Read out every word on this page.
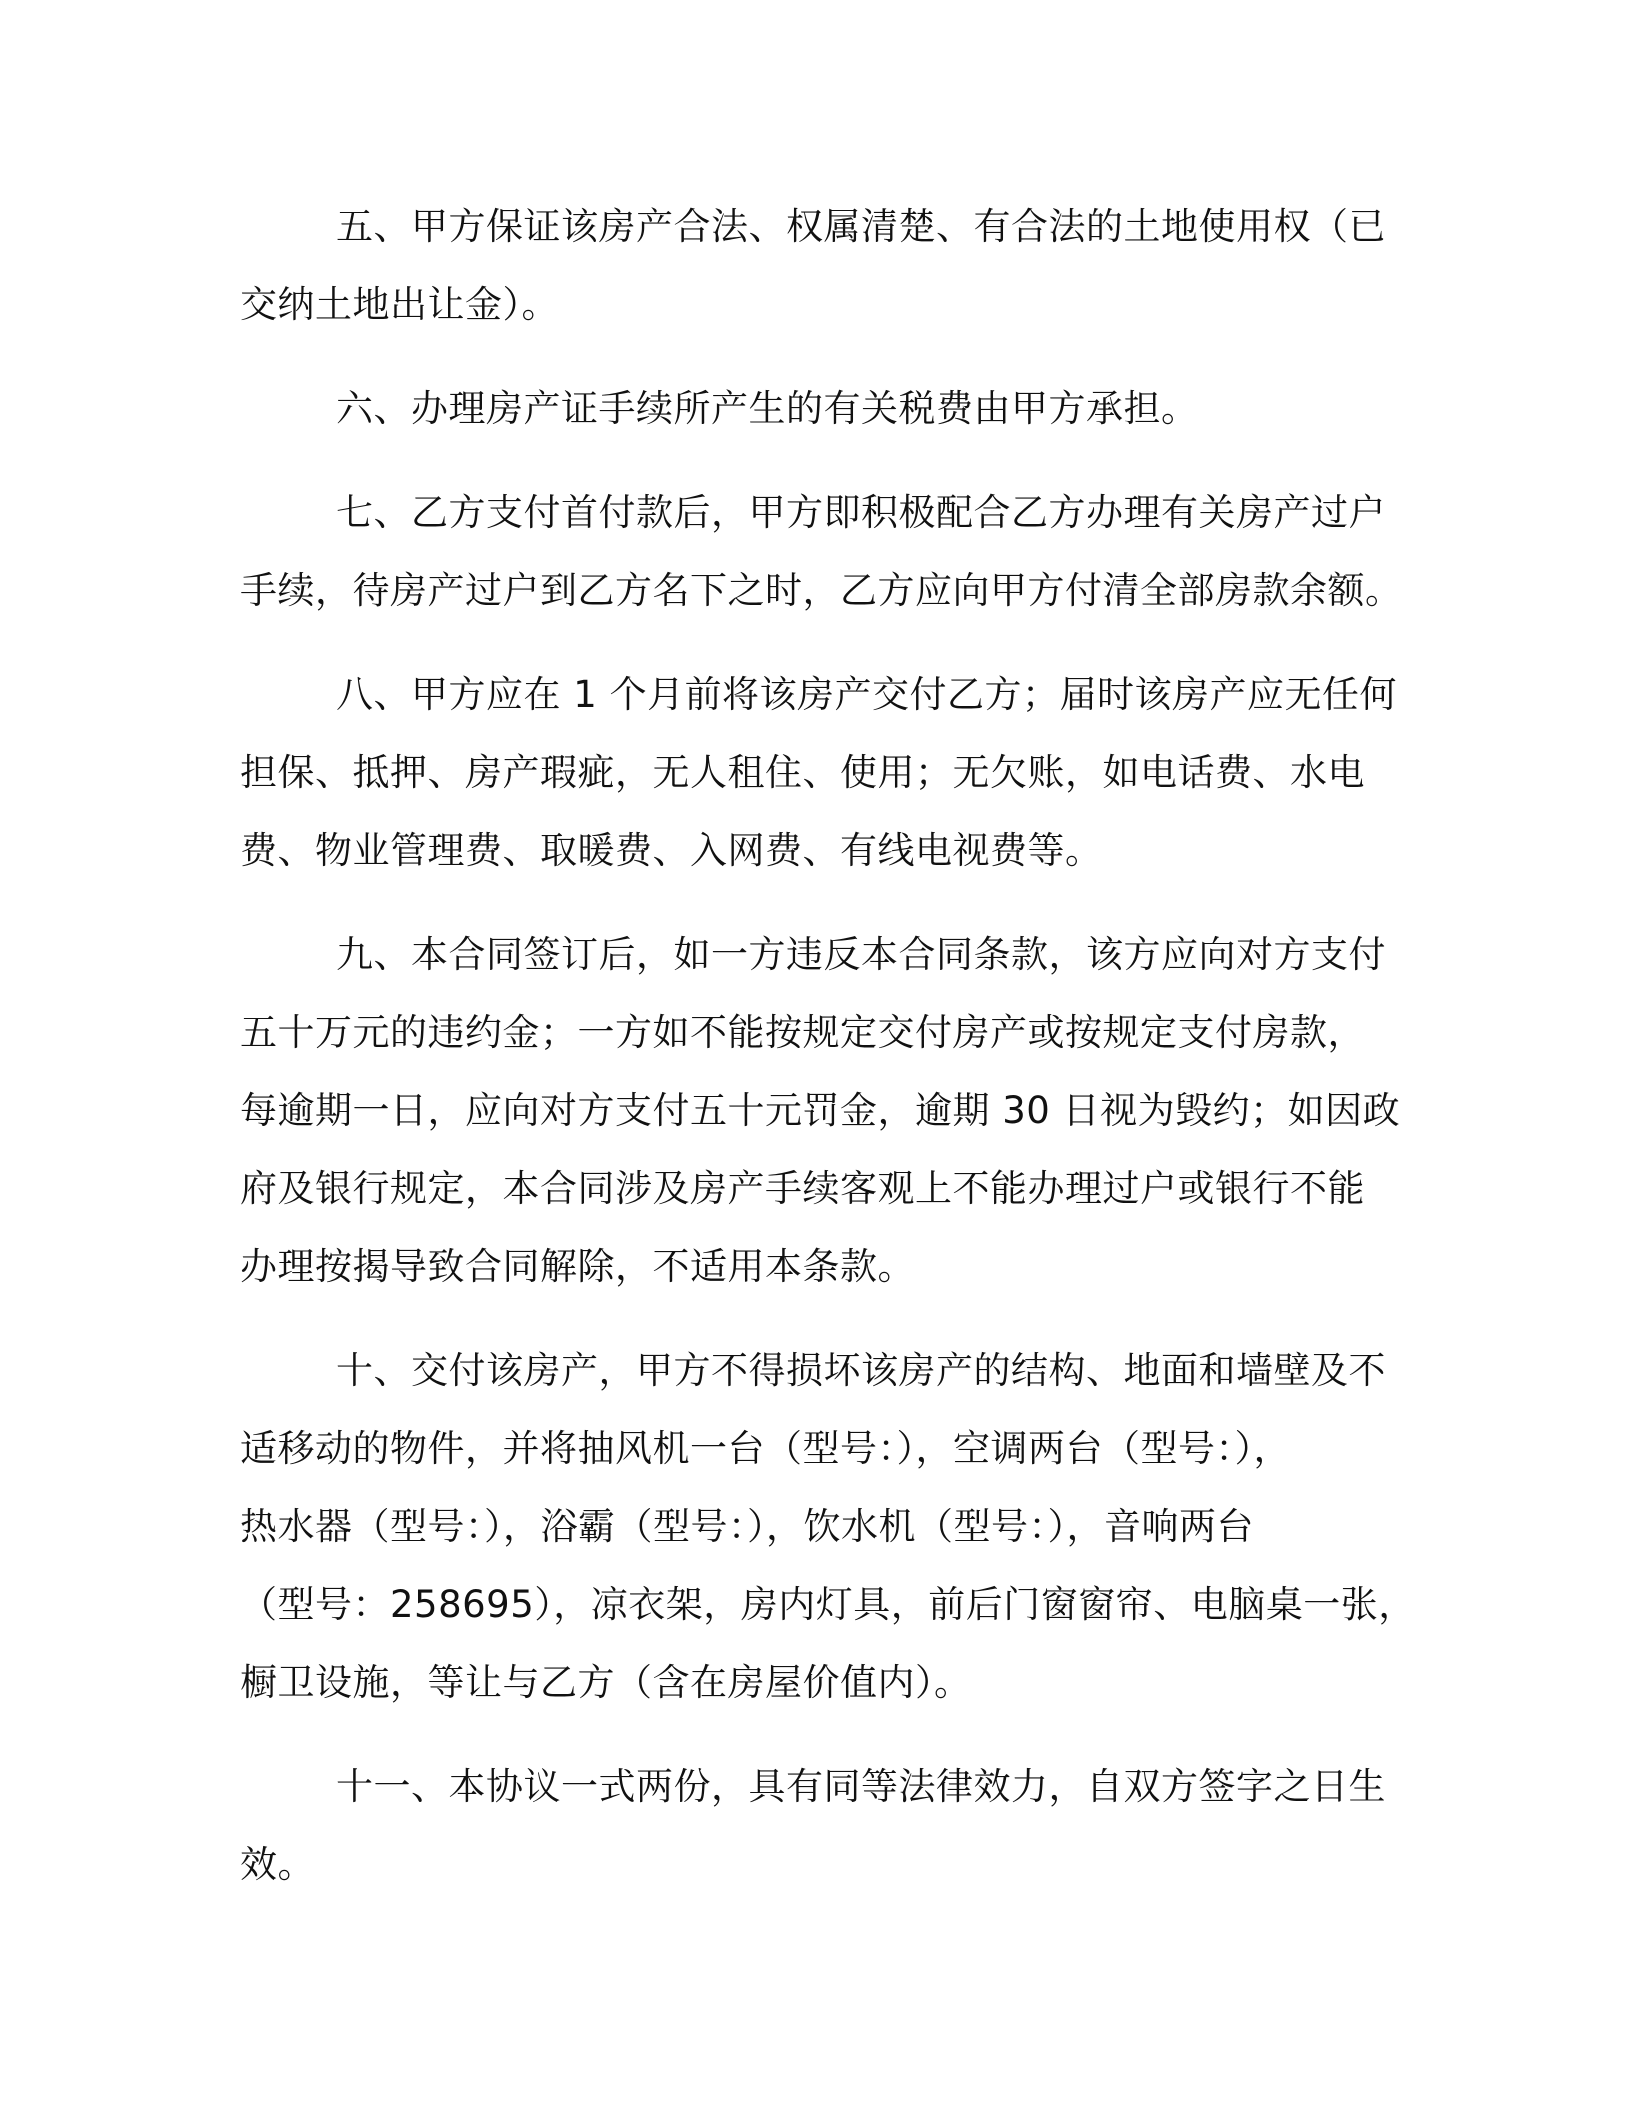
五、甲方保证该房产合法、权属清楚、有合法的土地使用权（已
交纳土地出让金）。

六、办理房产证手续所产生的有关税费由甲方承担。

七、乙方支付首付款后，甲方即积极配合乙方办理有关房产过户
手续，待房产过户到乙方名下之时，乙方应向甲方付清全部房款余额。

八、甲方应在 1 个月前将该房产交付乙方；届时该房产应无任何
担保、抵押、房产瑕疵，无人租住、使用；无欠账，如电话费、水电
费、物业管理费、取暖费、入网费、有线电视费等。

九、本合同签订后，如一方违反本合同条款，该方应向对方支付
五十万元的违约金；一方如不能按规定交付房产或按规定支付房款，
每逾期一日，应向对方支付五十元罚金，逾期 30 日视为毁约；如因政
府及银行规定，本合同涉及房产手续客观上不能办理过户或银行不能
办理按揭导致合同解除，不适用本条款。

十、交付该房产，甲方不得损坏该房产的结构、地面和墙壁及不
适移动的物件，并将抽风机一台（型号：），空调两台（型号：），
热水器（型号：），浴霸（型号：），饮水机（型号：），音响两台
（型号：258695），凉衣架，房内灯具，前后门窗窗帘、电脑桌一张，
橱卫设施，等让与乙方（含在房屋价值内）。

十一、本协议一式两份，具有同等法律效力，自双方签字之日生
效。
